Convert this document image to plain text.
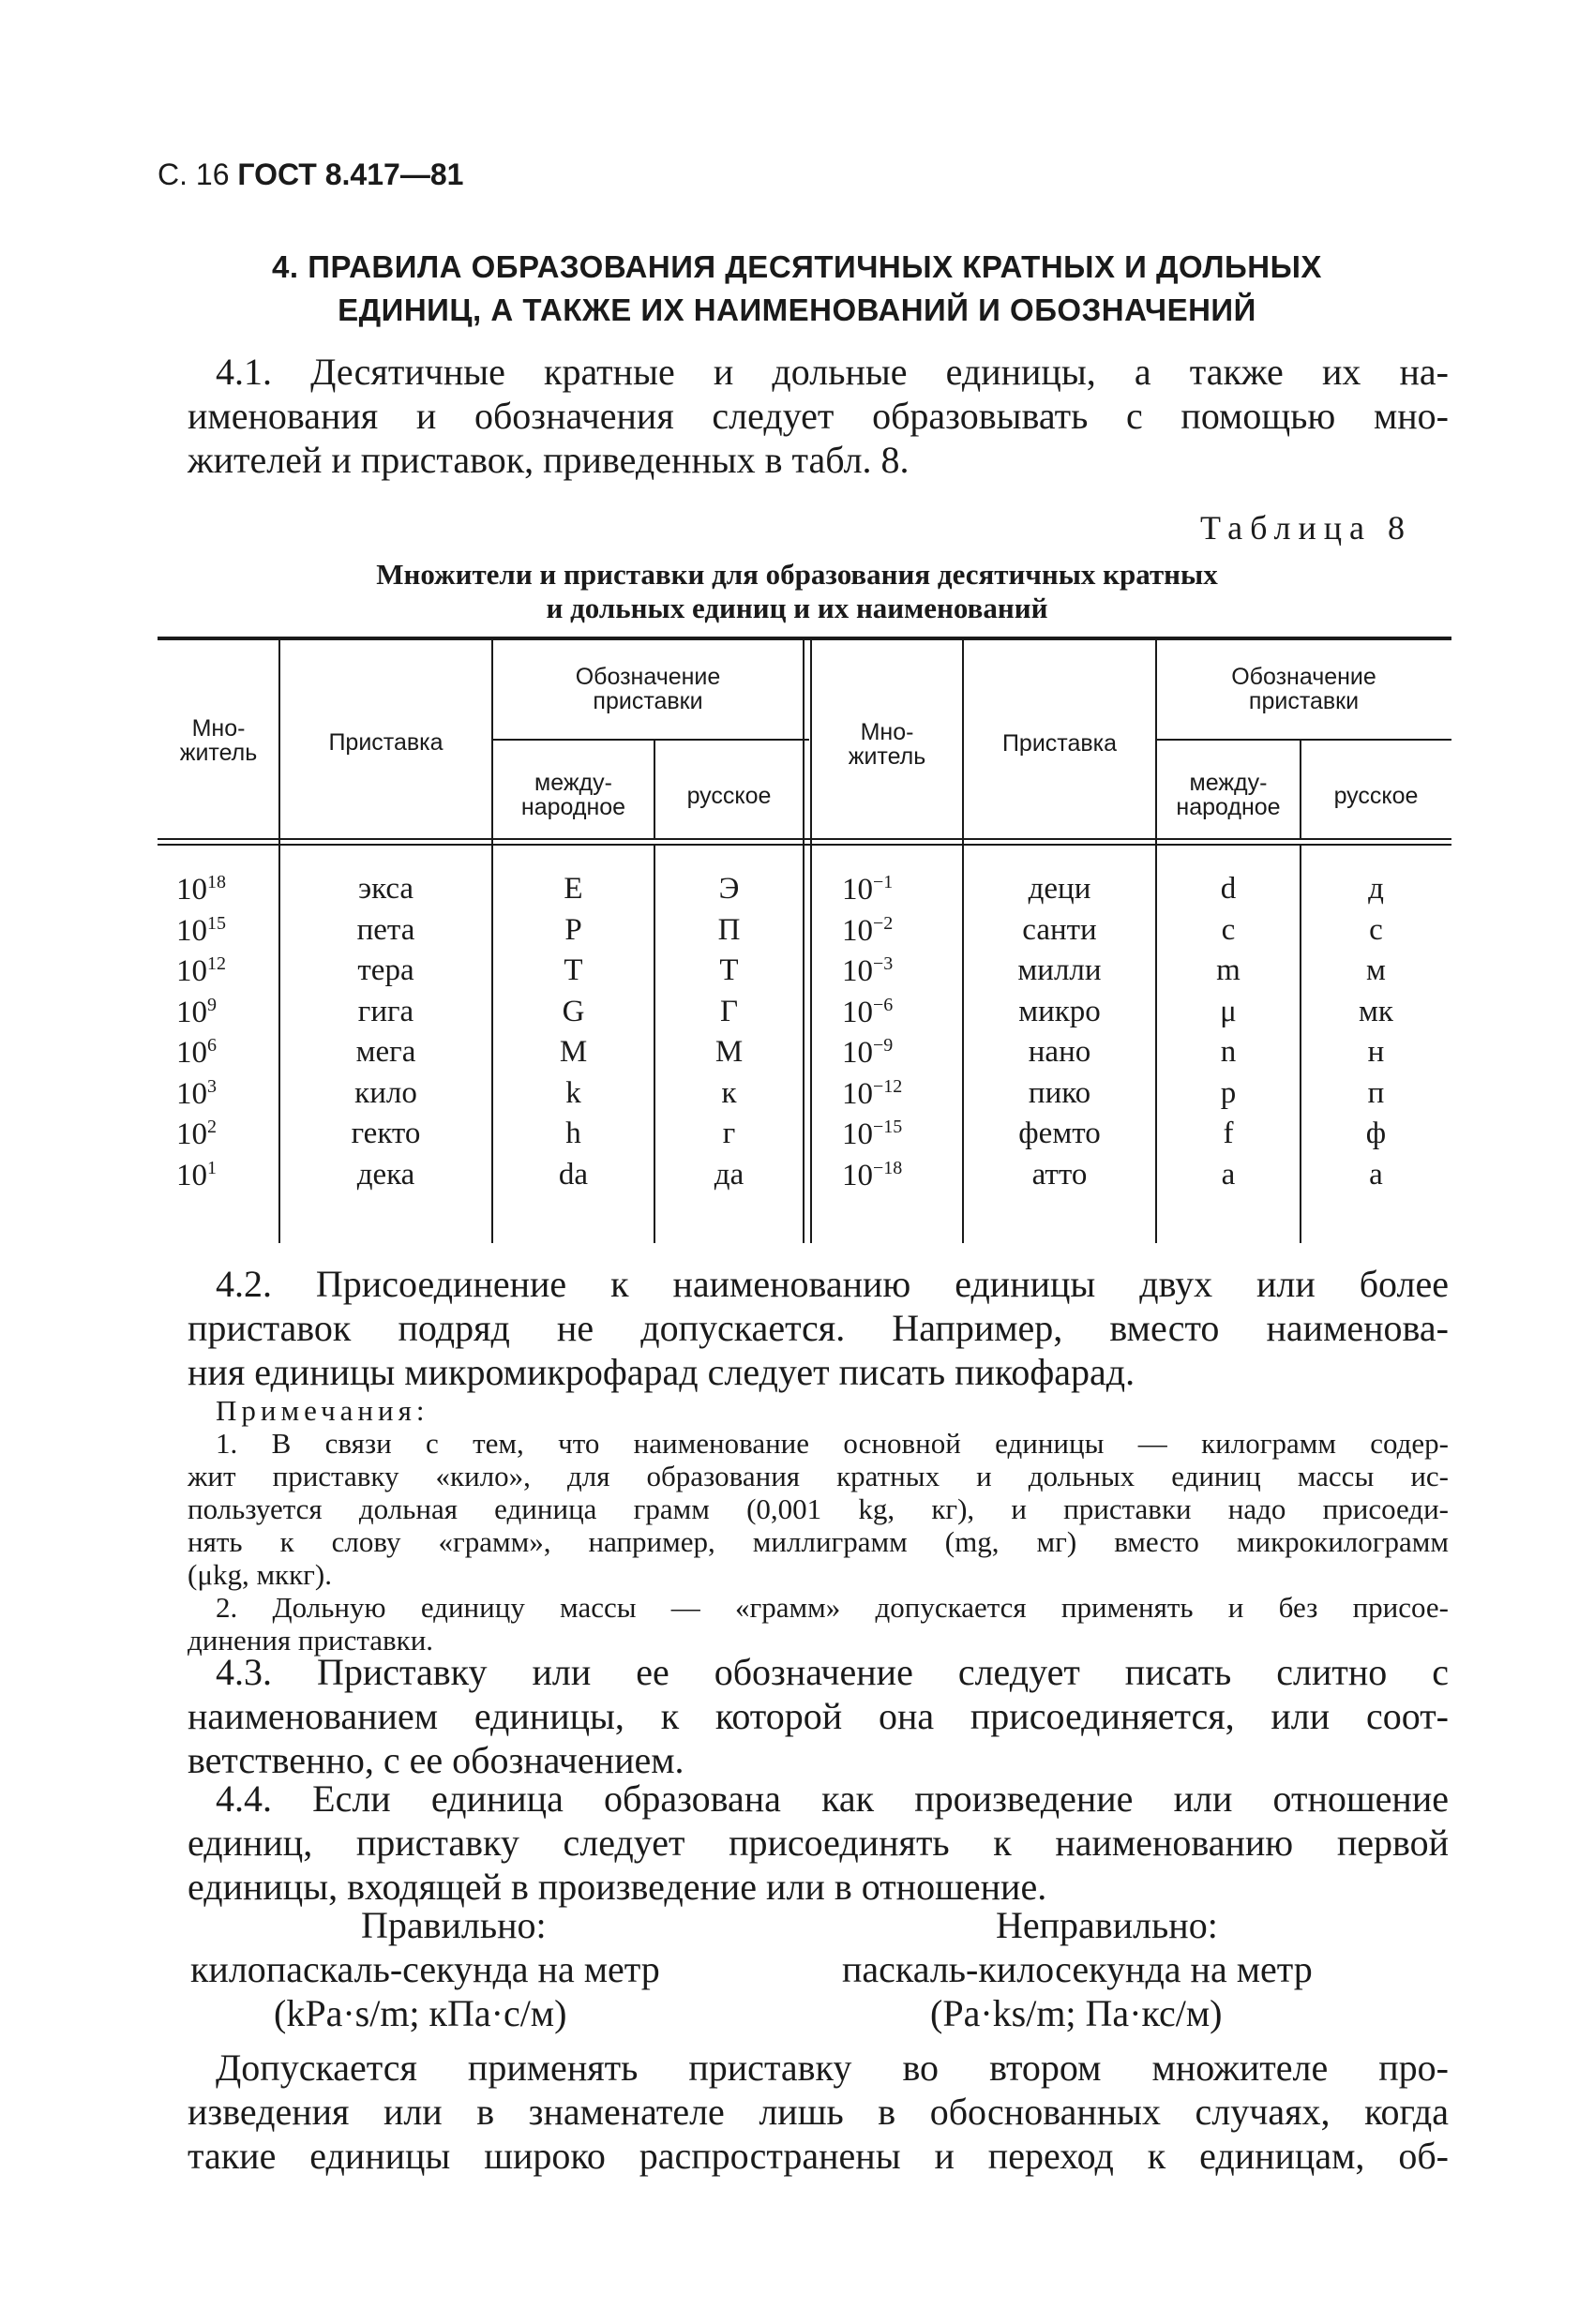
С. 16 ГОСТ 8.417—81
4. ПРАВИЛА ОБРАЗОВАНИЯ ДЕСЯТИЧНЫХ КРАТНЫХ И ДОЛЬНЫХ
ЕДИНИЦ, А ТАКЖЕ ИХ НАИМЕНОВАНИЙ И ОБОЗНАЧЕНИЙ
4.1. Десятичные кратные и дольные единицы, а также их на-
именования и обозначения следует образовывать с помощью мно-
жителей и приставок, приведенных в табл. 8.
Таблица 8
Множители и приставки для образования десятичных кратных
и дольных единиц и их наименований
Мно-
житель	Приставка
Обозначение
приставки
между-
народное	русское
Мно-
житель	Приставка
Обозначение
приставки
между-
народное	русское
$10^{18}$	экса	E	Э	$10^{-1}$	деци	d	д
$10^{15}$	пета	P	П	$10^{-2}$	санти	c	с
$10^{12}$	тера	T	Т	$10^{-3}$	милли	m	м
$10^9$	гига	G	Г	$10^{-6}$	микро	μ	мк
$10^6$	мега	M	М	$10^{-9}$	нано	n	н
$10^3$	кило	k	к	$10^{-12}$	пико	p	п
$10^2$	гекто	h	г	$10^{-15}$	фемто	f	ф
$10^1$	дека	da	да	$10^{-18}$	атто	a	а
4.2. Присоединение к наименованию единицы двух или более
приставок подряд не допускается. Например, вместо наименова-
ния единицы микромикрофарад следует писать пикофарад.
Примечания:
1. В связи с тем, что наименование основной единицы — килограмм содер-
жит приставку «кило», для образования кратных и дольных единиц массы ис-
пользуется дольная единица грамм (0,001 kg, кг), и приставки надо присоеди-
нять к слову «грамм», например, миллиграмм (mg, мг) вместо микрокилограмм
(μkg, мккг).
2. Дольную единицу массы — «грамм» допускается применять и без присое-
динения приставки.
4.3. Приставку или ее обозначение следует писать слитно с
наименованием единицы, к которой она присоединяется, или соот-
ветственно, с ее обозначением.
4.4. Если единица образована как произведение или отношение
единиц, приставку следует присоединять к наименованию первой
единицы, входящей в произведение или в отношение.
Правильно:	Неправильно:
килопаскаль-секунда на метр	паскаль-килосекунда на метр
(kPa·s/m; кПа·с/м)	(Pa·ks/m; Па·кс/м)
Допускается применять приставку во втором множителе про-
изведения или в знаменателе лишь в обоснованных случаях, когда
такие единицы широко распространены и переход к единицам, об-
